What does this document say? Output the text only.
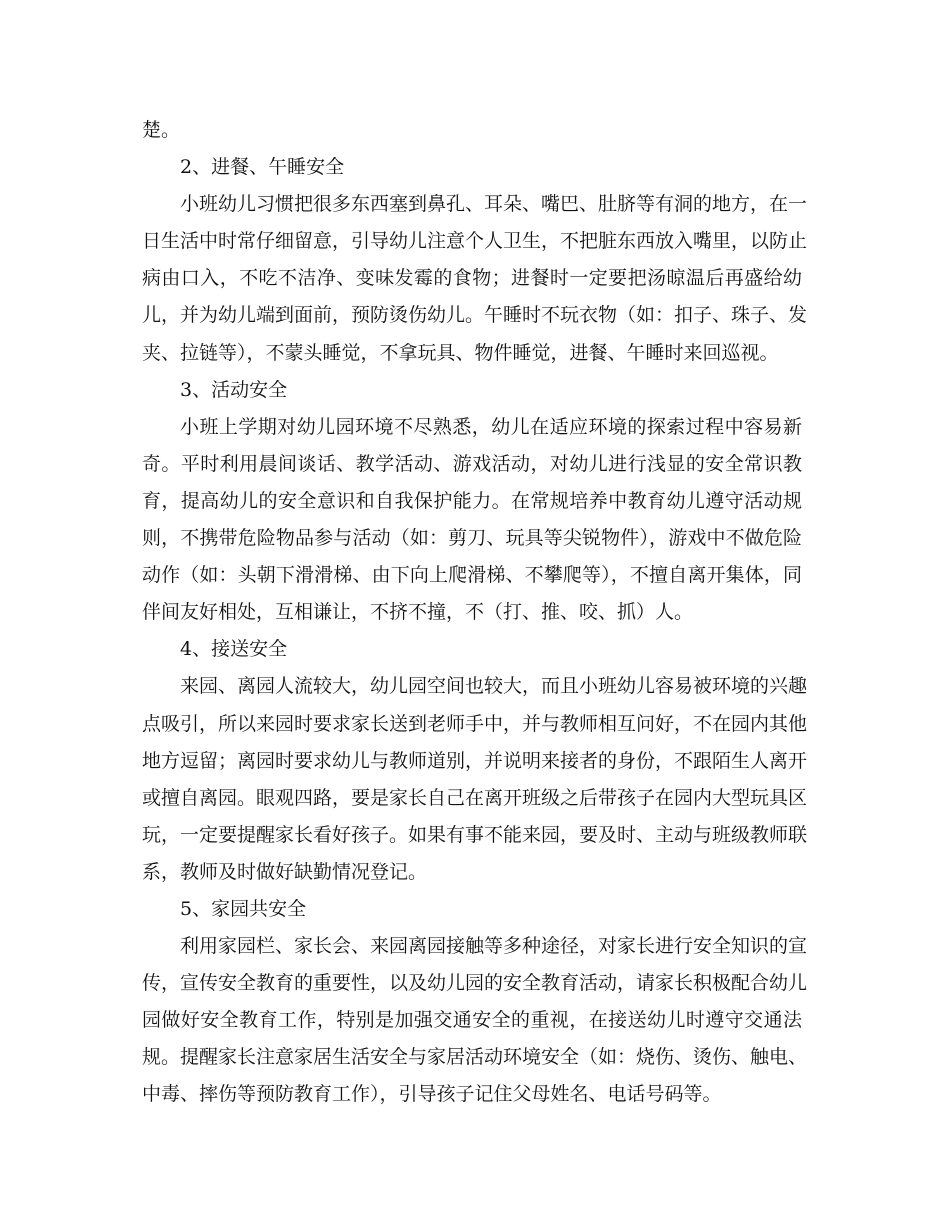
楚。
2、进餐、午睡安全
小班幼儿习惯把很多东西塞到鼻孔、耳朵、嘴巴、肚脐等有洞的地方，在一
日生活中时常仔细留意，引导幼儿注意个人卫生，不把脏东西放入嘴里，以防止
病由口入，不吃不洁净、变味发霉的食物；进餐时一定要把汤晾温后再盛给幼
儿，并为幼儿端到面前，预防烫伤幼儿。午睡时不玩衣物（如：扣子、珠子、发
夹、拉链等），不蒙头睡觉，不拿玩具、物件睡觉，进餐、午睡时来回巡视。
3、活动安全
小班上学期对幼儿园环境不尽熟悉，幼儿在适应环境的探索过程中容易新
奇。平时利用晨间谈话、教学活动、游戏活动，对幼儿进行浅显的安全常识教
育，提高幼儿的安全意识和自我保护能力。在常规培养中教育幼儿遵守活动规
则，不携带危险物品参与活动（如：剪刀、玩具等尖锐物件），游戏中不做危险
动作（如：头朝下滑滑梯、由下向上爬滑梯、不攀爬等），不擅自离开集体，同
伴间友好相处，互相谦让，不挤不撞，不（打、推、咬、抓）人。
4、接送安全
来园、离园人流较大，幼儿园空间也较大，而且小班幼儿容易被环境的兴趣
点吸引，所以来园时要求家长送到老师手中，并与教师相互问好，不在园内其他
地方逗留；离园时要求幼儿与教师道别，并说明来接者的身份，不跟陌生人离开
或擅自离园。眼观四路，要是家长自己在离开班级之后带孩子在园内大型玩具区
玩，一定要提醒家长看好孩子。如果有事不能来园，要及时、主动与班级教师联
系，教师及时做好缺勤情况登记。
5、家园共安全
利用家园栏、家长会、来园离园接触等多种途径，对家长进行安全知识的宣
传，宣传安全教育的重要性，以及幼儿园的安全教育活动，请家长积极配合幼儿
园做好安全教育工作，特别是加强交通安全的重视，在接送幼儿时遵守交通法
规。提醒家长注意家居生活安全与家居活动环境安全（如：烧伤、烫伤、触电、
中毒、摔伤等预防教育工作），引导孩子记住父母姓名、电话号码等。
